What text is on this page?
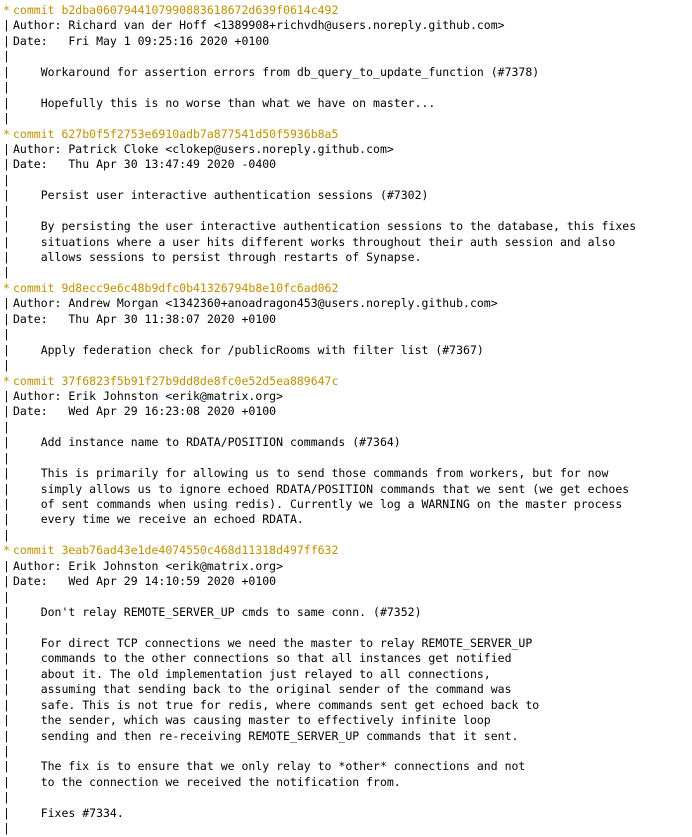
* commit b2dba0607944107990883618672d639f0614c492
| Author: Richard van der Hoff <1389908+richvdh@users.noreply.github.com>
| Date:   Fri May 1 09:25:16 2020 +0100
|
| Workaround for assertion errors from db_query_to_update_function (#7378)
|
| Hopefully this is no worse than what we have on master...
|
* commit 627b0f5f2753e6910adb7a877541d50f5936b8a5
| Author: Patrick Cloke <clokep@users.noreply.github.com>
| Date:   Thu Apr 30 13:47:49 2020 -0400
|
| Persist user interactive authentication sessions (#7302)
|
| By persisting the user interactive authentication sessions to the database, this fixes
| situations where a user hits different works throughout their auth session and also
| allows sessions to persist through restarts of Synapse.
|
* commit 9d8ecc9e6c48b9dfc0b41326794b8e10fc6ad062
| Author: Andrew Morgan <1342360+anoadragon453@users.noreply.github.com>
| Date:   Thu Apr 30 11:38:07 2020 +0100
|
| Apply federation check for /publicRooms with filter list (#7367)
|
* commit 37f6823f5b91f27b9dd8de8fc0e52d5ea889647c
| Author: Erik Johnston <erik@matrix.org>
| Date:   Wed Apr 29 16:23:08 2020 +0100
|
| Add instance name to RDATA/POSITION commands (#7364)
|
| This is primarily for allowing us to send those commands from workers, but for now
| simply allows us to ignore echoed RDATA/POSITION commands that we sent (we get echoes
| of sent commands when using redis). Currently we log a WARNING on the master process
| every time we receive an echoed RDATA.
|
* commit 3eab76ad43e1de4074550c468d11318d497ff632
| Author: Erik Johnston <erik@matrix.org>
| Date:   Wed Apr 29 14:10:59 2020 +0100
|
| Don't relay REMOTE_SERVER_UP cmds to same conn. (#7352)
|
| For direct TCP connections we need the master to relay REMOTE_SERVER_UP
| commands to the other connections so that all instances get notified
| about it. The old implementation just relayed to all connections,
| assuming that sending back to the original sender of the command was
| safe. This is not true for redis, where commands sent get echoed back to
| the sender, which was causing master to effectively infinite loop
| sending and then re-receiving REMOTE_SERVER_UP commands that it sent.
|
| The fix is to ensure that we only relay to *other* connections and not
| to the connection we received the notification from.
|
| Fixes #7334.
|
